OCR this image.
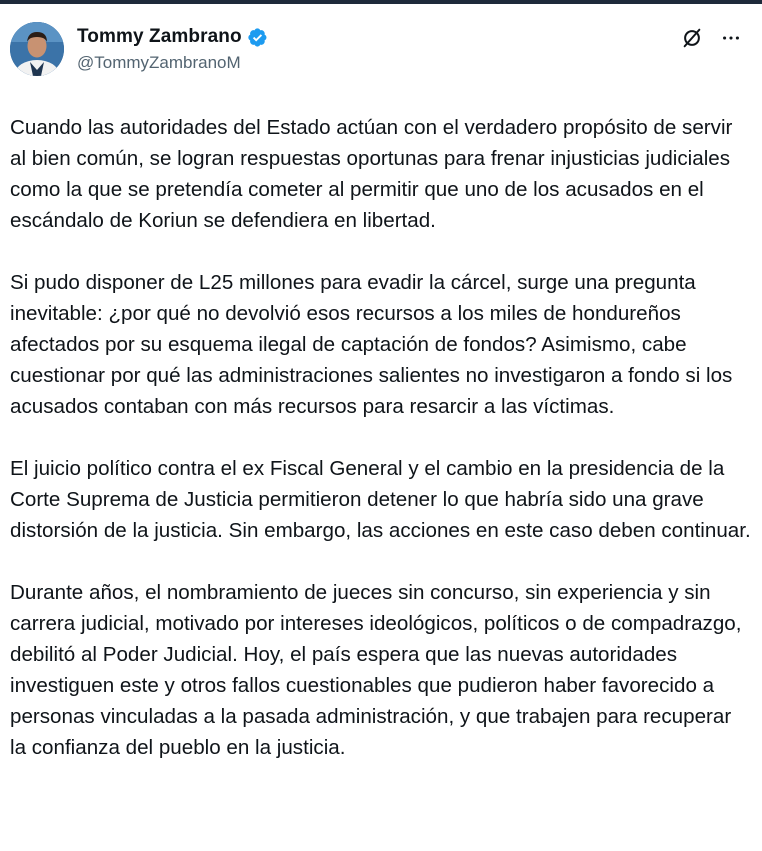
Tommy Zambrano
@TommyZambranoM

Cuando las autoridades del Estado actúan con el verdadero propósito de servir al bien común, se logran respuestas oportunas para frenar injusticias judiciales como la que se pretendía cometer al permitir que uno de los acusados en el escándalo de Koriun se defendiera en libertad.

Si pudo disponer de L25 millones para evadir la cárcel, surge una pregunta inevitable: ¿por qué no devolvió esos recursos a los miles de hondureños afectados por su esquema ilegal de captación de fondos? Asimismo, cabe cuestionar por qué las administraciones salientes no investigaron a fondo si los acusados contaban con más recursos para resarcir a las víctimas.

El juicio político contra el ex Fiscal General y el cambio en la presidencia de la Corte Suprema de Justicia permitieron detener lo que habría sido una grave distorsión de la justicia. Sin embargo, las acciones en este caso deben continuar.

Durante años, el nombramiento de jueces sin concurso, sin experiencia y sin carrera judicial, motivado por intereses ideológicos, políticos o de compadrazgo, debilitó al Poder Judicial. Hoy, el país espera que las nuevas autoridades investiguen este y otros fallos cuestionables que pudieron haber favorecido a personas vinculadas a la pasada administración, y que trabajen para recuperar la confianza del pueblo en la justicia.
